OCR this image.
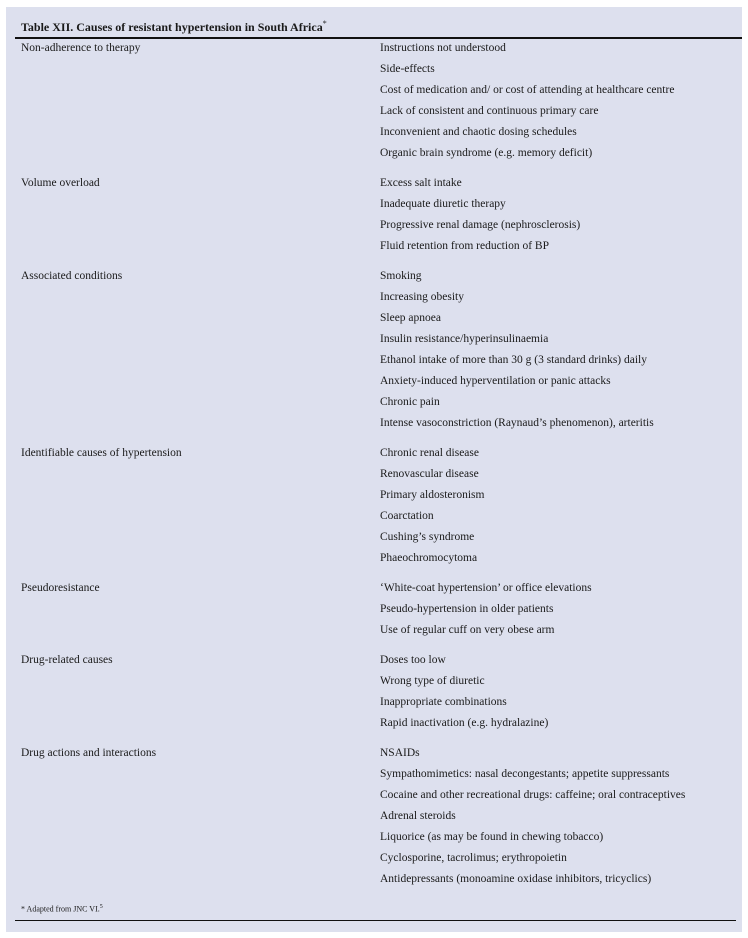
Table XII. Causes of resistant hypertension in South Africa*
Non-adherence to therapy	Instructions not understood
Side-effects
Cost of medication and/ or cost of attending at healthcare centre
Lack of consistent and continuous primary care
Inconvenient and chaotic dosing schedules
Organic brain syndrome (e.g. memory deficit)
Volume overload	Excess salt intake
Inadequate diuretic therapy
Progressive renal damage (nephrosclerosis)
Fluid retention from reduction of BP
Associated conditions	Smoking
Increasing obesity
Sleep apnoea
Insulin resistance/hyperinsulinaemia
Ethanol intake of more than 30 g (3 standard drinks) daily
Anxiety-induced hyperventilation or panic attacks
Chronic pain
Intense vasoconstriction (Raynaud’s phenomenon), arteritis
Identifiable causes of hypertension	Chronic renal disease
Renovascular disease
Primary aldosteronism
Coarctation
Cushing’s syndrome
Phaeochromocytoma
Pseudoresistance	‘White-coat hypertension’ or office elevations
Pseudo-hypertension in older patients
Use of regular cuff on very obese arm
Drug-related causes	Doses too low
Wrong type of diuretic
Inappropriate combinations
Rapid inactivation (e.g. hydralazine)
Drug actions and interactions	NSAIDs
Sympathomimetics: nasal decongestants; appetite suppressants
Cocaine and other recreational drugs: caffeine; oral contraceptives
Adrenal steroids
Liquorice (as may be found in chewing tobacco)
Cyclosporine, tacrolimus; erythropoietin
Antidepressants (monoamine oxidase inhibitors, tricyclics)
* Adapted from JNC VI.$^5$
